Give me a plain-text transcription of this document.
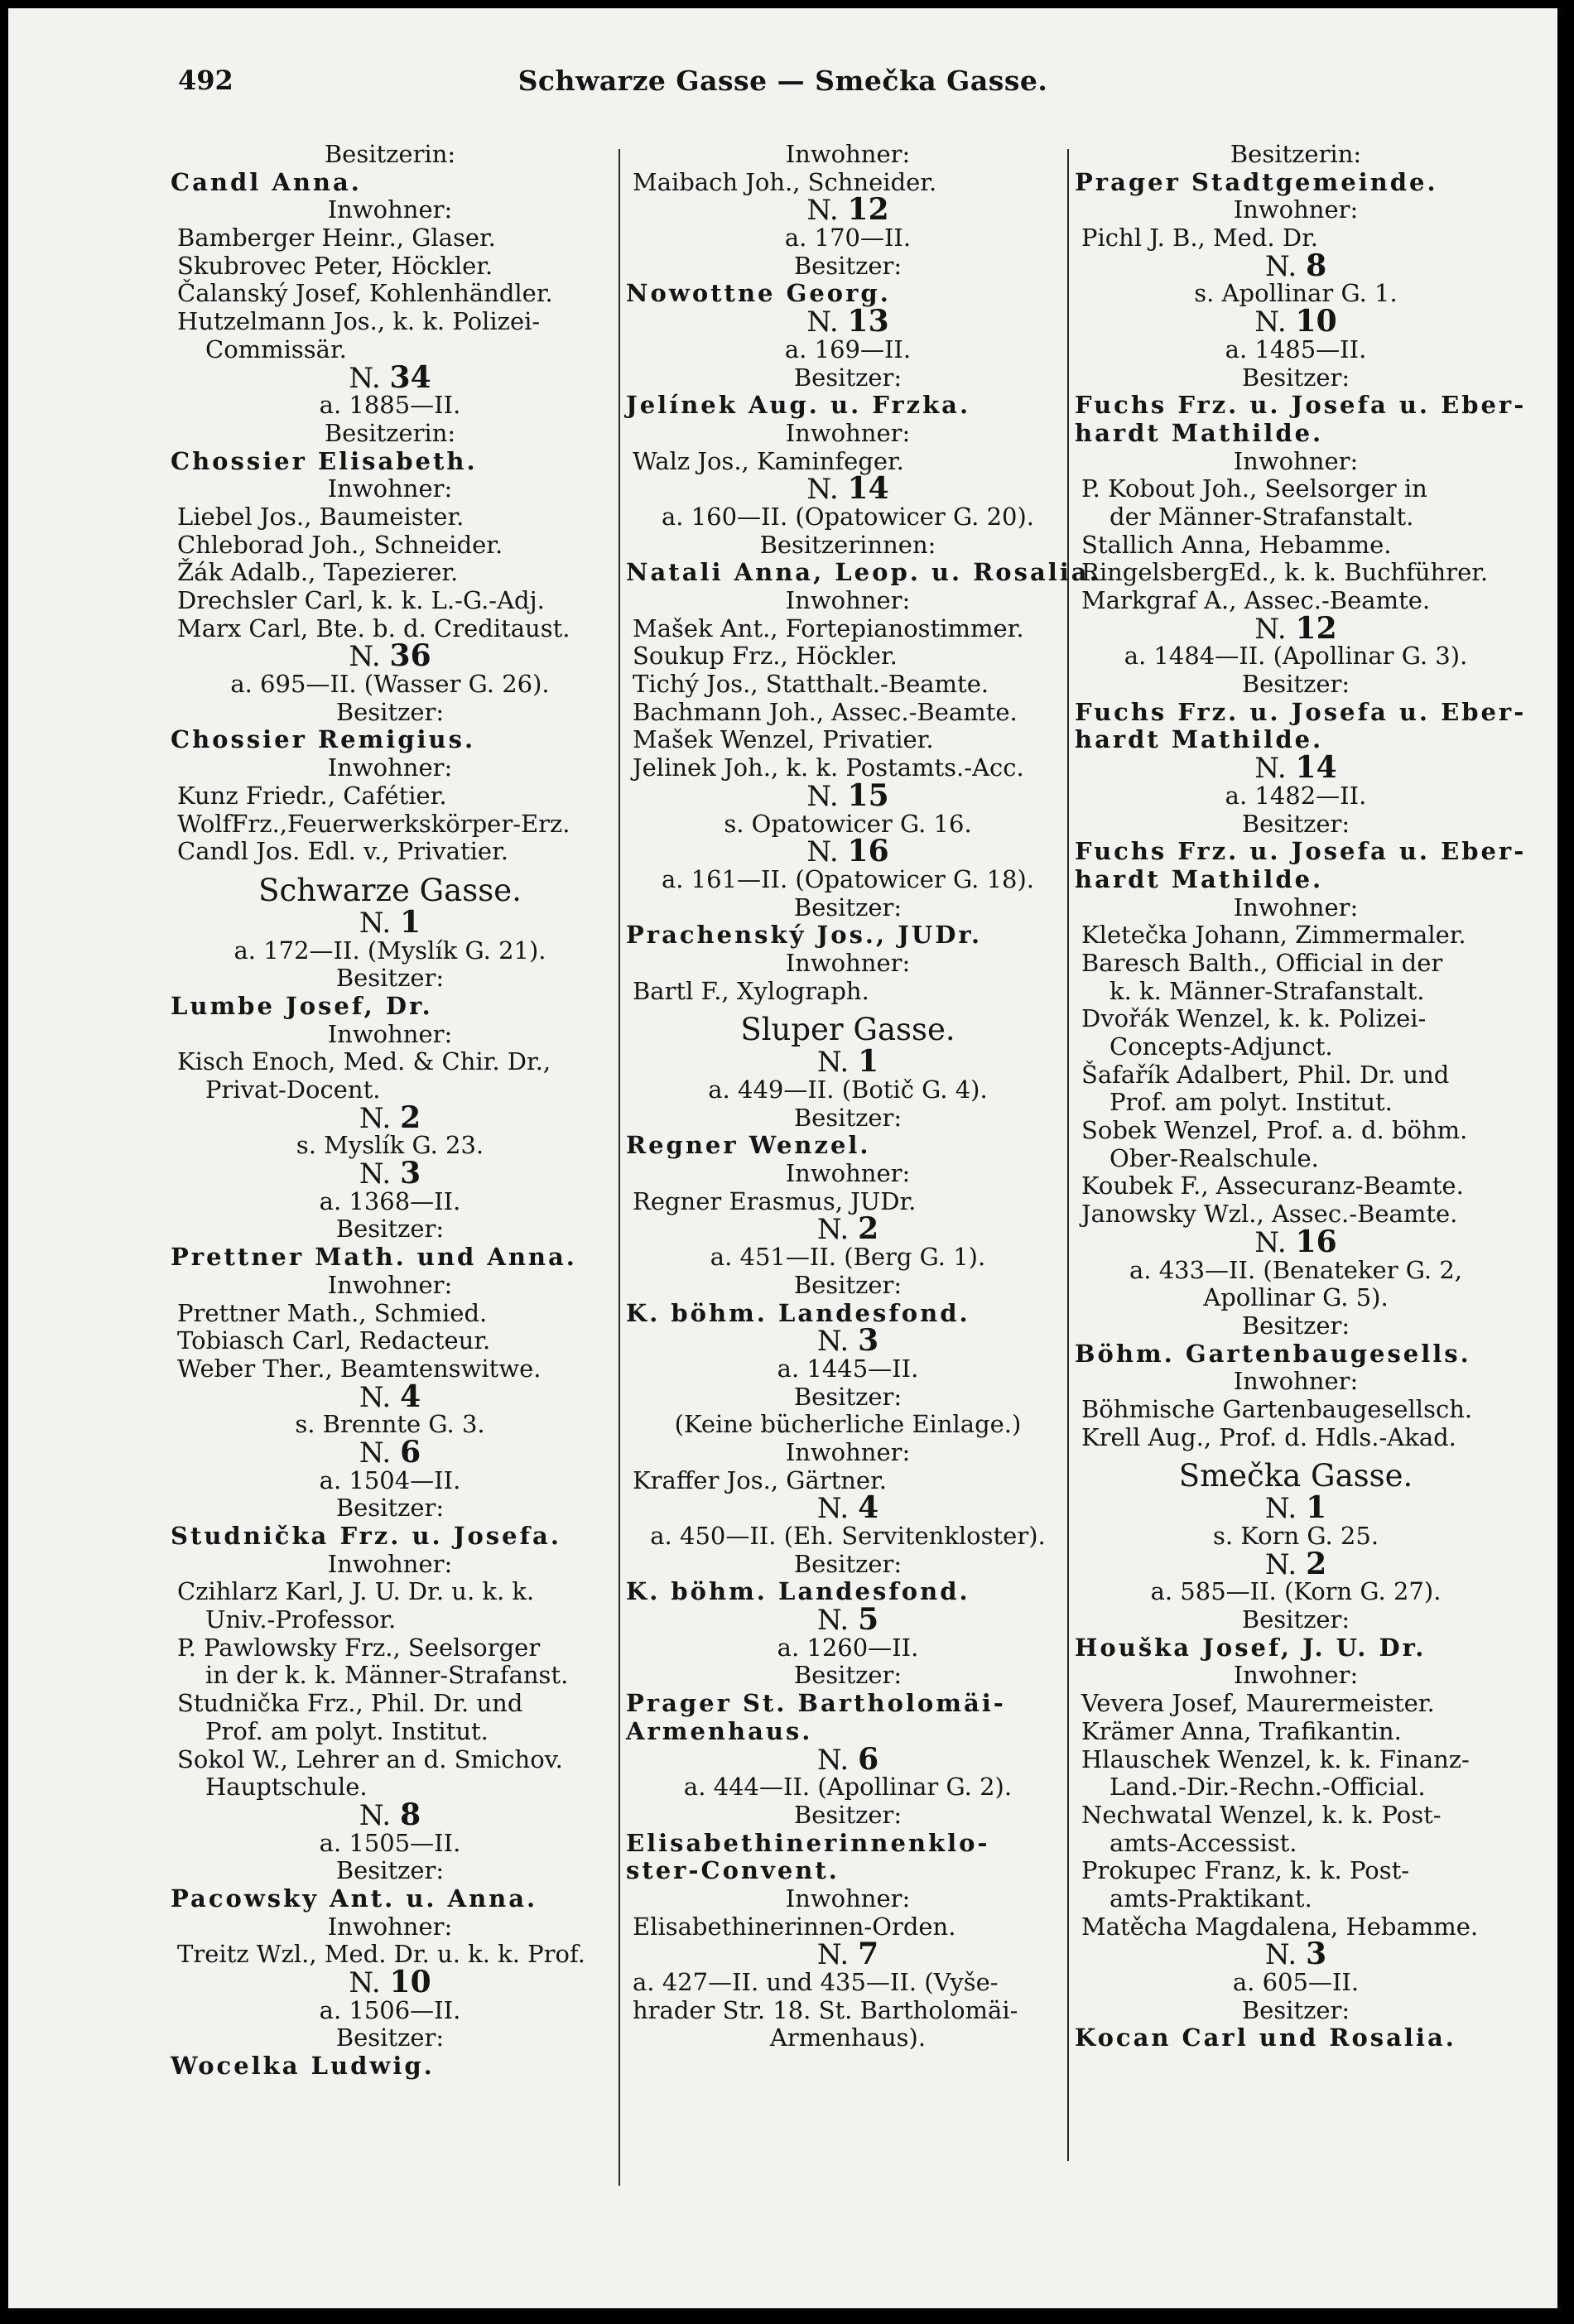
492	Schwarze Gasse — Smečka Gasse.
Besitzerin:
Candl Anna.
Inwohner:
Bamberger Heinr., Glaser.
Skubrovec Peter, Höckler.
Čalanský Josef, Kohlenhändler.
Hutzelmann Jos., k. k. Polizei-
Commissär.
N. 34
a. 1885—II.
Besitzerin:
Chossier Elisabeth.
Inwohner:
Liebel Jos., Baumeister.
Chleborad Joh., Schneider.
Žák Adalb., Tapezierer.
Drechsler Carl, k. k. L.-G.-Adj.
Marx Carl, Bte. b. d. Creditaust.
N. 36
a. 695—II. (Wasser G. 26).
Besitzer:
Chossier Remigius.
Inwohner:
Kunz Friedr., Cafétier.
WolfFrz.,Feuerwerkskörper-Erz.
Candl Jos. Edl. v., Privatier.
Schwarze Gasse.
N. 1
a. 172—II. (Myslík G. 21).
Besitzer:
Lumbe Josef, Dr.
Inwohner:
Kisch Enoch, Med. & Chir. Dr.,
Privat-Docent.
N. 2
s. Myslík G. 23.
N. 3
a. 1368—II.
Besitzer:
Prettner Math. und Anna.
Inwohner:
Prettner Math., Schmied.
Tobiasch Carl, Redacteur.
Weber Ther., Beamtenswitwe.
N. 4
s. Brennte G. 3.
N. 6
a. 1504—II.
Besitzer:
Studnička Frz. u. Josefa.
Inwohner:
Czihlarz Karl, J. U. Dr. u. k. k.
Univ.-Professor.
P. Pawlowsky Frz., Seelsorger
in der k. k. Männer-Strafanst.
Studnička Frz., Phil. Dr. und
Prof. am polyt. Institut.
Sokol W., Lehrer an d. Smichov.
Hauptschule.
N. 8
a. 1505—II.
Besitzer:
Pacowsky Ant. u. Anna.
Inwohner:
Treitz Wzl., Med. Dr. u. k. k. Prof.
N. 10
a. 1506—II.
Besitzer:
Wocelka Ludwig.
Inwohner:
Maibach Joh., Schneider.
N. 12
a. 170—II.
Besitzer:
Nowottne Georg.
N. 13
a. 169—II.
Besitzer:
Jelínek Aug. u. Frzka.
Inwohner:
Walz Jos., Kaminfeger.
N. 14
a. 160—II. (Opatowicer G. 20).
Besitzerinnen:
Natali Anna, Leop. u. Rosalia.
Inwohner:
Mašek Ant., Fortepianostimmer.
Soukup Frz., Höckler.
Tichý Jos., Statthalt.-Beamte.
Bachmann Joh., Assec.-Beamte.
Mašek Wenzel, Privatier.
Jelinek Joh., k. k. Postamts.-Acc.
N. 15
s. Opatowicer G. 16.
N. 16
a. 161—II. (Opatowicer G. 18).
Besitzer:
Prachenský Jos., JUDr.
Inwohner:
Bartl F., Xylograph.
Sluper Gasse.
N. 1
a. 449—II. (Botič G. 4).
Besitzer:
Regner Wenzel.
Inwohner:
Regner Erasmus, JUDr.
N. 2
a. 451—II. (Berg G. 1).
Besitzer:
K. böhm. Landesfond.
N. 3
a. 1445—II.
Besitzer:
(Keine bücherliche Einlage.)
Inwohner:
Kraffer Jos., Gärtner.
N. 4
a. 450—II. (Eh. Servitenkloster).
Besitzer:
K. böhm. Landesfond.
N. 5
a. 1260—II.
Besitzer:
Prager St. Bartholomäi-
Armenhaus.
N. 6
a. 444—II. (Apollinar G. 2).
Besitzer:
Elisabethinerinnenklo-
ster-Convent.
Inwohner:
Elisabethinerinnen-Orden.
N. 7
a. 427—II. und 435—II. (Vyše-
hrader Str. 18. St. Bartholomäi-
Armenhaus).
Besitzerin:
Prager Stadtgemeinde.
Inwohner:
Pichl J. B., Med. Dr.
N. 8
s. Apollinar G. 1.
N. 10
a. 1485—II.
Besitzer:
Fuchs Frz. u. Josefa u. Eber-
hardt Mathilde.
Inwohner:
P. Kobout Joh., Seelsorger in
der Männer-Strafanstalt.
Stallich Anna, Hebamme.
RingelsbergEd., k. k. Buchführer.
Markgraf A., Assec.-Beamte.
N. 12
a. 1484—II. (Apollinar G. 3).
Besitzer:
Fuchs Frz. u. Josefa u. Eber-
hardt Mathilde.
N. 14
a. 1482—II.
Besitzer:
Fuchs Frz. u. Josefa u. Eber-
hardt Mathilde.
Inwohner:
Kletečka Johann, Zimmermaler.
Baresch Balth., Official in der
k. k. Männer-Strafanstalt.
Dvořák Wenzel, k. k. Polizei-
Concepts-Adjunct.
Šafařík Adalbert, Phil. Dr. und
Prof. am polyt. Institut.
Sobek Wenzel, Prof. a. d. böhm.
Ober-Realschule.
Koubek F., Assecuranz-Beamte.
Janowsky Wzl., Assec.-Beamte.
N. 16
a. 433—II. (Benateker G. 2,
Apollinar G. 5).
Besitzer:
Böhm. Gartenbaugesells.
Inwohner:
Böhmische Gartenbaugesellsch.
Krell Aug., Prof. d. Hdls.-Akad.
Smečka Gasse.
N. 1
s. Korn G. 25.
N. 2
a. 585—II. (Korn G. 27).
Besitzer:
Houška Josef, J. U. Dr.
Inwohner:
Vevera Josef, Maurermeister.
Krämer Anna, Trafikantin.
Hlauschek Wenzel, k. k. Finanz-
Land.-Dir.-Rechn.-Official.
Nechwatal Wenzel, k. k. Post-
amts-Accessist.
Prokupec Franz, k. k. Post-
amts-Praktikant.
Matěcha Magdalena, Hebamme.
N. 3
a. 605—II.
Besitzer:
Kocan Carl und Rosalia.
